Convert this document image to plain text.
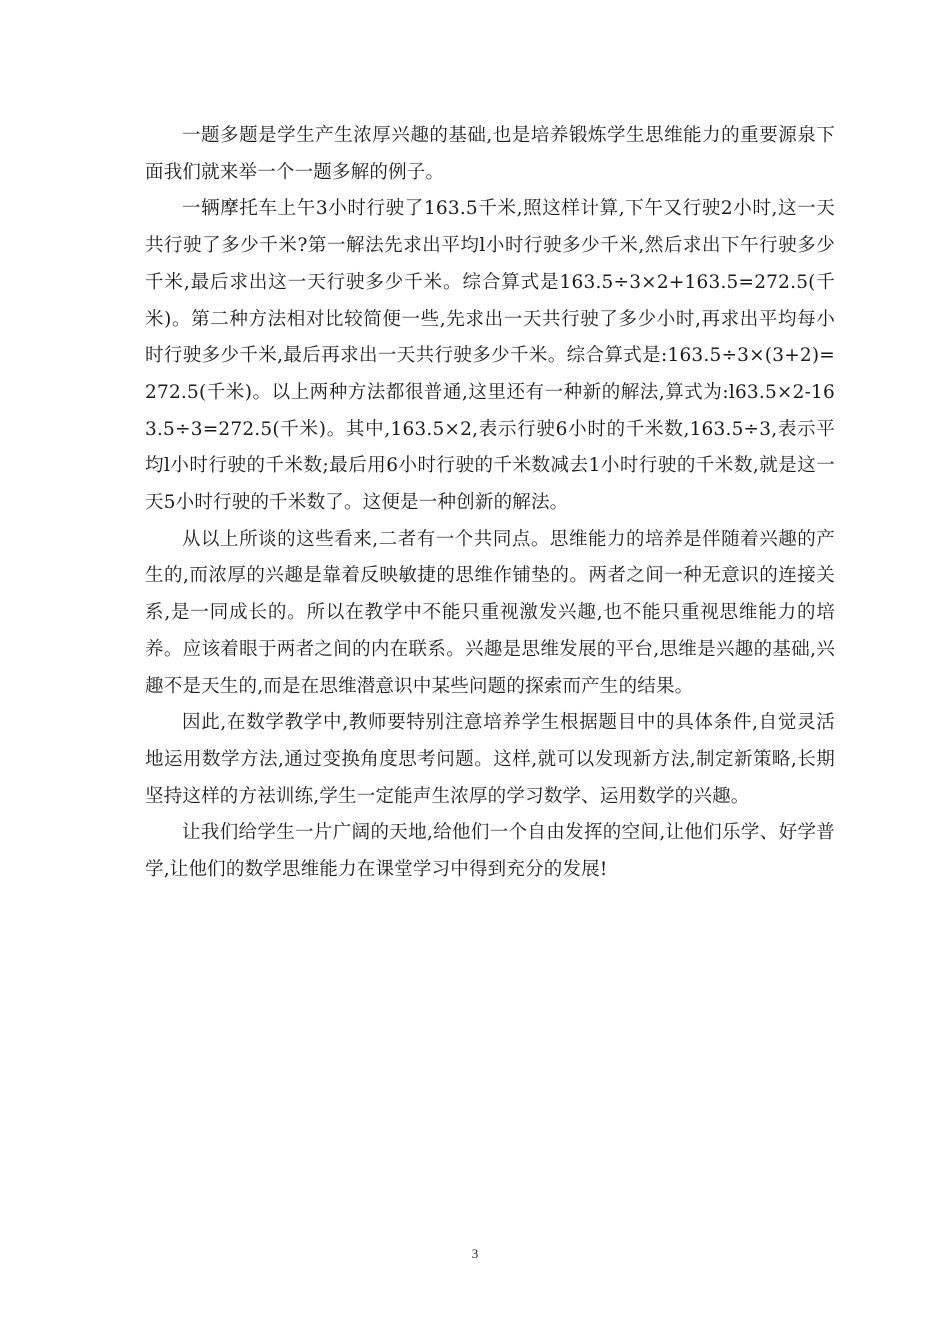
一题多题是学生产生浓厚兴趣的基础,也是培养锻炼学生思维能力的重要源泉下面我们就来举一个一题多解的例子。

一辆摩托车上午3小时行驶了163.5千米,照这样计算,下午又行驶2小时,这一天共行驶了多少千米?第一解法先求出平均l小时行驶多少千米,然后求出下午行驶多少千米,最后求出这一天行驶多少千米。综合算式是163.5÷3×2+163.5=272.5(千米)。第二种方法相对比较简便一些,先求出一天共行驶了多少小时,再求出平均每小时行驶多少千米,最后再求出一天共行驶多少千米。综合算式是:163.5÷3×(3+2)=272.5(千米)。以上两种方法都很普通,这里还有一种新的解法,算式为:l63.5×2-163.5÷3=272.5(千米)。其中,163.5×2,表示行驶6小时的千米数,163.5÷3,表示平均l小时行驶的千米数;最后用6小时行驶的千米数减去1小时行驶的千米数,就是这一天5小时行驶的千米数了。这便是一种创新的解法。

从以上所谈的这些看来,二者有一个共同点。思维能力的培养是伴随着兴趣的产生的,而浓厚的兴趣是靠着反映敏捷的思维作铺垫的。两者之间一种无意识的连接关系,是一同成长的。所以在教学中不能只重视激发兴趣,也不能只重视思维能力的培养。应该着眼于两者之间的内在联系。兴趣是思维发展的平台,思维是兴趣的基础,兴趣不是天生的,而是在思维潜意识中某些问题的探索而产生的结果。

因此,在数学教学中,教师要特别注意培养学生根据题目中的具体条件,自觉灵活地运用数学方法,通过变换角度思考问题。这样,就可以发现新方法,制定新策略,长期坚持这样的方祛训练,学生一定能声生浓厚的学习数学、运用数学的兴趣。

让我们给学生一片广阔的天地,给他们一个自由发挥的空间,让他们乐学、好学普学,让他们的数学思维能力在课堂学习中得到充分的发展!

3
